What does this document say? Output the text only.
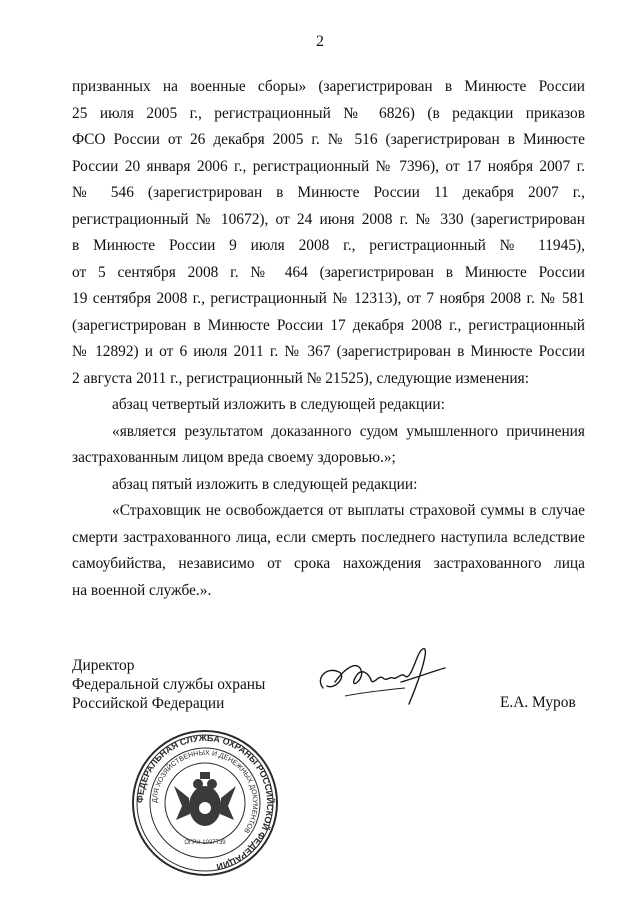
2
призванных на военные сборы» (зарегистрирован в Минюсте России
25 июля 2005 г., регистрационный № 6826) (в редакции приказов
ФСО России от 26 декабря 2005 г. № 516 (зарегистрирован в Минюсте
России 20 января 2006 г., регистрационный № 7396), от 17 ноября 2007 г.
№ 546 (зарегистрирован в Минюсте России 11 декабря 2007 г.,
регистрационный № 10672), от 24 июня 2008 г. № 330 (зарегистрирован
в Минюсте России 9 июля 2008 г., регистрационный № 11945),
от 5 сентября 2008 г. № 464 (зарегистрирован в Минюсте России
19 сентября 2008 г., регистрационный № 12313), от 7 ноября 2008 г. № 581
(зарегистрирован в Минюсте России 17 декабря 2008 г., регистрационный
№ 12892) и от 6 июля 2011 г. № 367 (зарегистрирован в Минюсте России
2 августа 2011 г., регистрационный № 21525), следующие изменения:
абзац четвертый изложить в следующей редакции:
«является результатом доказанного судом умышленного причинения
застрахованным лицом вреда своему здоровью.»;
абзац пятый изложить в следующей редакции:
«Страховщик не освобождается от выплаты страховой суммы в случае
смерти застрахованного лица, если смерть последнего наступила вследствие
самоубийства, независимо от срока нахождения застрахованного лица
на военной службе.».
Директор
Федеральной службы охраны
Российской Федерации	Е.А. Муров
ФЕДЕРАЛЬНАЯ СЛУЖБА ОХРАНЫ РОССИЙСКОЙ ФЕДЕРАЦИИ
ДЛЯ ХОЗЯЙСТВЕННЫХ И ДЕНЕЖНЫХ ДОКУМЕНТОВ
ОГРН 1037739
